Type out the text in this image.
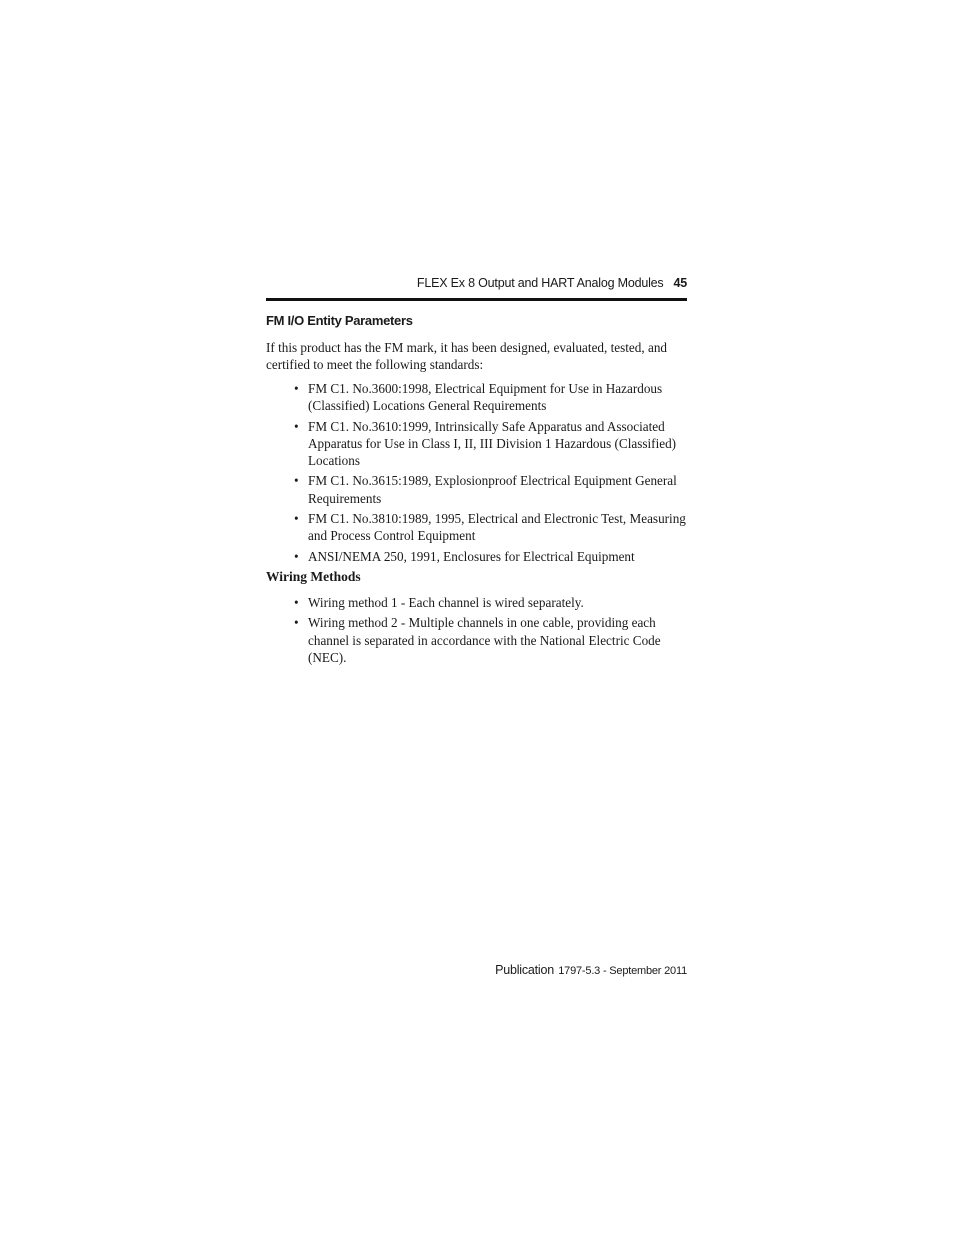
FLEX Ex 8 Output and HART Analog Modules 45
FM I/O Entity Parameters
If this product has the FM mark, it has been designed, evaluated, tested, and certified to meet the following standards:
• FM C1. No.3600:1998, Electrical Equipment for Use in Hazardous (Classified) Locations General Requirements
• FM C1. No.3610:1999, Intrinsically Safe Apparatus and Associated Apparatus for Use in Class I, II, III Division 1 Hazardous (Classified) Locations
• FM C1. No.3615:1989, Explosionproof Electrical Equipment General Requirements
• FM C1. No.3810:1989, 1995, Electrical and Electronic Test, Measuring and Process Control Equipment
• ANSI/NEMA 250, 1991, Enclosures for Electrical Equipment
Wiring Methods
• Wiring method 1 - Each channel is wired separately.
• Wiring method 2 - Multiple channels in one cable, providing each channel is separated in accordance with the National Electric Code (NEC).
Publication 1797-5.3 - September 2011
